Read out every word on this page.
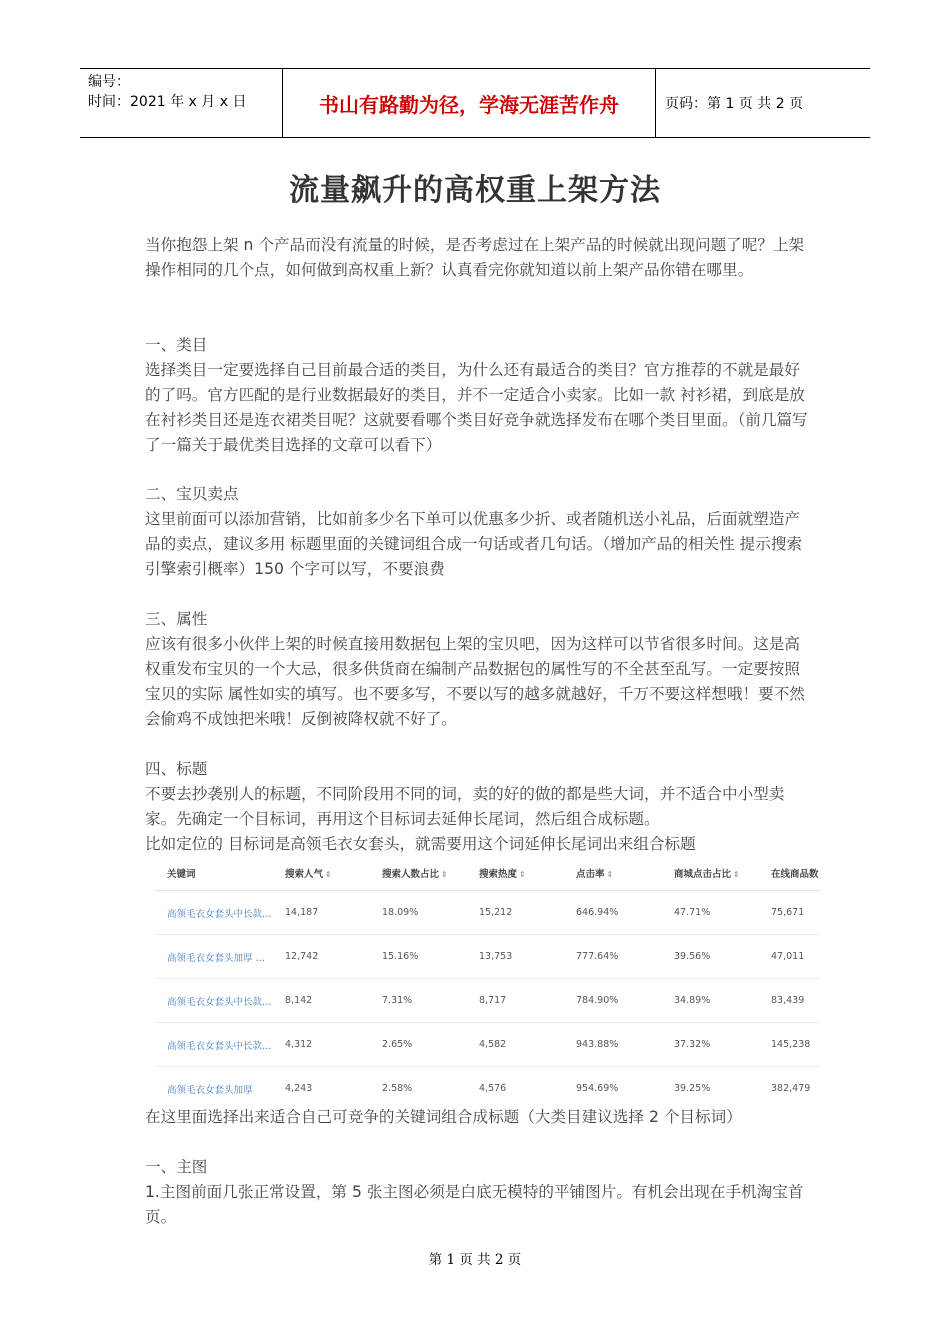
编号：
时间：2021 年 x 月 x 日	书山有路勤为径，学海无涯苦作舟	页码：第 1 页 共 2 页
流量飙升的高权重上架方法

当你抱怨上架 n 个产品而没有流量的时候，是否考虑过在上架产品的时候就出现问题了呢？上架操作相同的几个点，如何做到高权重上新？认真看完你就知道以前上架产品你错在哪里。

一、类目

选择类目一定要选择自己目前最合适的类目，为什么还有最适合的类目？官方推荐的不就是最好的了吗。官方匹配的是行业数据最好的类目，并不一定适合小卖家。比如一款 衬衫裙，到底是放在衬衫类目还是连衣裙类目呢？这就要看哪个类目好竞争就选择发布在哪个类目里面。（前几篇写了一篇关于最优类目选择的文章可以看下）

二、宝贝卖点

这里前面可以添加营销，比如前多少名下单可以优惠多少折、或者随机送小礼品，后面就塑造产品的卖点，建议多用 标题里面的关键词组合成一句话或者几句话。（增加产品的相关性 提示搜索引擎索引概率）150 个字可以写，不要浪费

三、属性

应该有很多小伙伴上架的时候直接用数据包上架的宝贝吧，因为这样可以节省很多时间。这是高权重发布宝贝的一个大忌，很多供货商在编制产品数据包的属性写的不全甚至乱写。一定要按照宝贝的实际 属性如实的填写。也不要多写，不要以写的越多就越好，千万不要这样想哦！要不然会偷鸡不成蚀把米哦！反倒被降权就不好了。

四、标题

不要去抄袭别人的标题，不同阶段用不同的词，卖的好的做的都是些大词，并不适合中小型卖家。先确定一个目标词，再用这个目标词去延伸长尾词，然后组合成标题。

比如定位的 目标词是高领毛衣女套头，就需要用这个词延伸长尾词出来组合标题

关键词	搜索人气 ⇕	搜索人数占比 ⇕	搜索热度 ⇕	点击率 ⇕	商城点击占比 ⇕	在线商品数
高领毛衣女套头中长款…	14,187	18.09%	15,212	646.94%	47.71%	75,671
高领毛衣女套头加厚 …	12,742	15.16%	13,753	777.64%	39.56%	47,011
高领毛衣女套头中长款…	8,142	7.31%	8,717	784.90%	34.89%	83,439
高领毛衣女套头中长款…	4,312	2.65%	4,582	943.88%	37.32%	145,238
高领毛衣女套头加厚	4,243	2.58%	4,576	954.69%	39.25%	382,479

在这里面选择出来适合自己可竞争的关键词组合成标题（大类目建议选择 2 个目标词）

一、主图

1.主图前面几张正常设置，第 5 张主图必须是白底无模特的平铺图片。有机会出现在手机淘宝首页。

第 1 页 共 2 页
